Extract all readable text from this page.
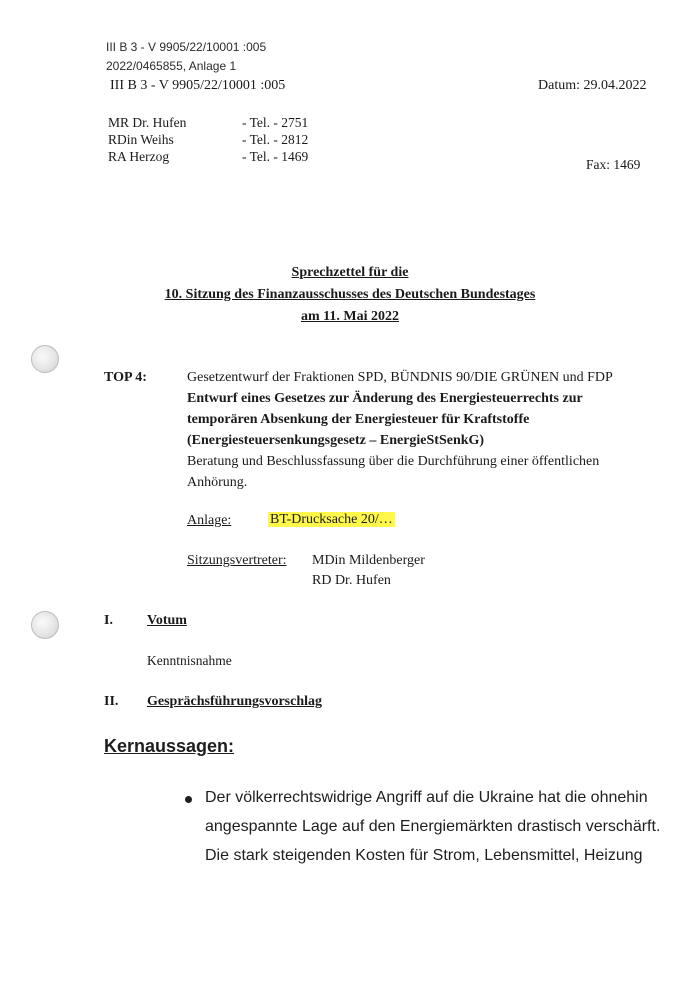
III B 3 - V 9905/22/10001 :005
2022/0465855, Anlage 1
III B 3 - V 9905/22/10001 :005	Datum: 29.04.2022
MR Dr. Hufen	- Tel. - 2751
RDin Weihs	- Tel. - 2812
RA Herzog	- Tel. - 1469
Fax: 1469
Sprechzettel für die
10. Sitzung des Finanzausschusses des Deutschen Bundestages
am 11. Mai 2022
TOP 4:	Gesetzentwurf der Fraktionen SPD, BÜNDNIS 90/DIE GRÜNEN und FDP
Entwurf eines Gesetzes zur Änderung des Energiesteuerrechts zur
temporären Absenkung der Energiesteuer für Kraftstoffe
(Energiesteuersenkungsgesetz – EnergieStSenkG)
Beratung und Beschlussfassung über die Durchführung einer öffentlichen
Anhörung.
Anlage:	BT-Drucksache 20/…
Sitzungsvertreter: MDin Mildenberger
RD Dr. Hufen
I. Votum
Kenntnisnahme
II. Gesprächsführungsvorschlag
Kernaussagen:
Der völkerrechtswidrige Angriff auf die Ukraine hat die ohnehin
angespannte Lage auf den Energiemärkten drastisch verschärft.
Die stark steigenden Kosten für Strom, Lebensmittel, Heizung
